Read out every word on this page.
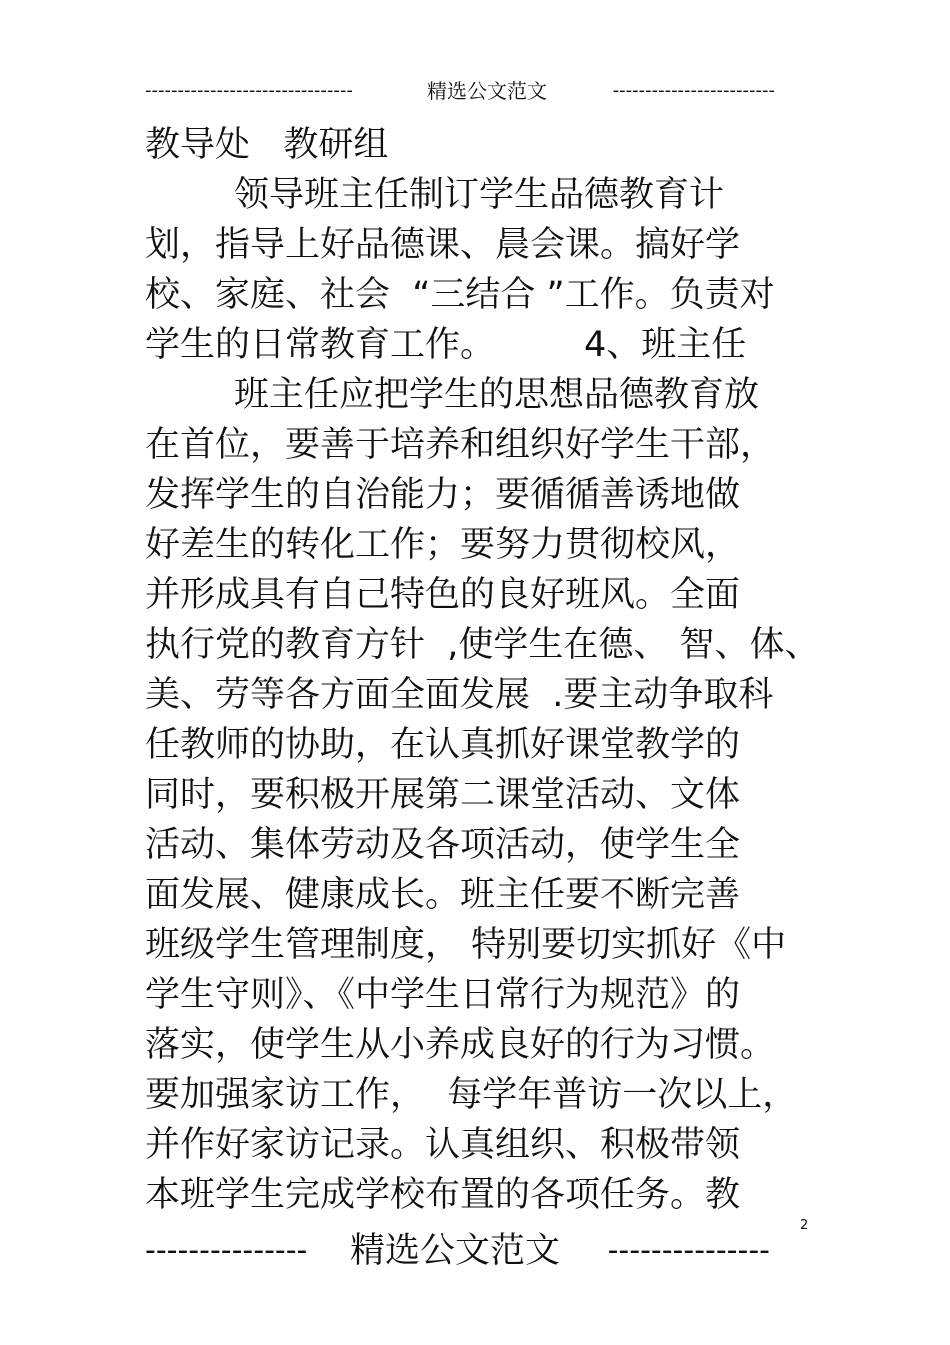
--------------------------------	精选公文范文	-------------------------
教导处   教研组
领导班主任制订学生品德教育计
划，指导上好品德课、晨会课。搞好学
校、家庭、社会  “三结合 ”工作。负责对
学生的日常教育工作。        4、班主任
班主任应把学生的思想品德教育放
在首位，要善于培养和组织好学生干部，
发挥学生的自治能力；要循循善诱地做
好差生的转化工作；要努力贯彻校风，
并形成具有自己特色的良好班风。全面
执行党的教育方针  ,使学生在德、 智、体、
美、劳等各方面全面发展  .要主动争取科
任教师的协助，在认真抓好课堂教学的
同时，要积极开展第二课堂活动、文体
活动、集体劳动及各项活动，使学生全
面发展、健康成长。班主任要不断完善
班级学生管理制度， 特别要切实抓好《中
学生守则》、《中学生日常行为规范》的
落实，使学生从小养成良好的行为习惯。
要加强家访工作，  每学年普访一次以上，
并作好家访记录。认真组织、积极带领
本班学生完成学校布置的各项任务。教
2
---------------	精选公文范文	---------------
